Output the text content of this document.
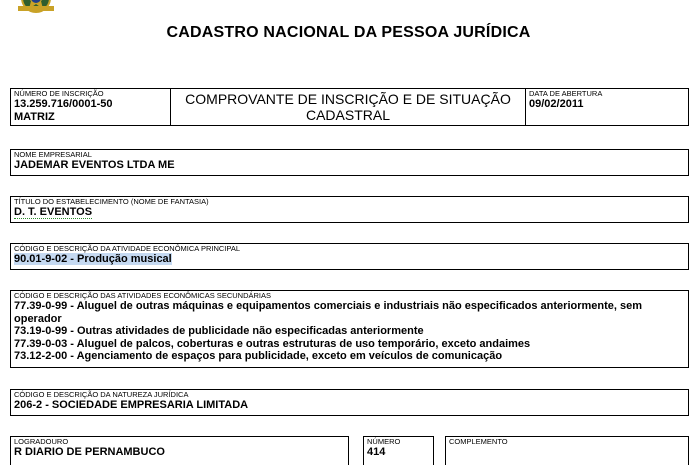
CADASTRO NACIONAL DA PESSOA JURÍDICA
NÚMERO DE INSCRIÇÃO
13.259.716/0001-50
MATRIZ
COMPROVANTE DE INSCRIÇÃO E DE SITUAÇÃO
CADASTRAL
DATA DE ABERTURA
09/02/2011
NOME EMPRESARIAL
JADEMAR EVENTOS LTDA ME
TÍTULO DO ESTABELECIMENTO (NOME DE FANTASIA)
D. T. EVENTOS
CÓDIGO E DESCRIÇÃO DA ATIVIDADE ECONÔMICA PRINCIPAL
90.01-9-02 - Produção musical
CÓDIGO E DESCRIÇÃO DAS ATIVIDADES ECONÔMICAS SECUNDÁRIAS
77.39-0-99 - Aluguel de outras máquinas e equipamentos comerciais e industriais não especificados anteriormente, sem operador
73.19-0-99 - Outras atividades de publicidade não especificadas anteriormente
77.39-0-03 - Aluguel de palcos, coberturas e outras estruturas de uso temporário, exceto andaimes
73.12-2-00 - Agenciamento de espaços para publicidade, exceto em veículos de comunicação
CÓDIGO E DESCRIÇÃO DA NATUREZA JURÍDICA
206-2 - SOCIEDADE EMPRESARIA LIMITADA
LOGRADOURO
R DIARIO DE PERNAMBUCO
NÚMERO
414
COMPLEMENTO
